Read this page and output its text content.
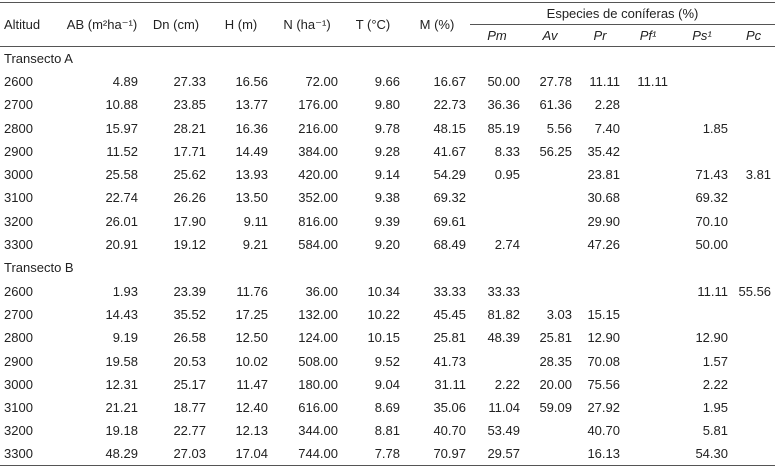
Altitud	AB (m²ha⁻¹)	Dn (cm)	H (m)	N (ha⁻¹)	T (°C)	M (%)	Especies de coníferas (%)					
							Pm	Av	Pr	Pf¹	Ps¹	Pc
Transecto A												
2600	4.89	27.33	16.56	72.00	9.66	16.67	50.00	27.78	11.11	11.11		
2700	10.88	23.85	13.77	176.00	9.80	22.73	36.36	61.36	2.28			
2800	15.97	28.21	16.36	216.00	9.78	48.15	85.19	5.56	7.40		1.85	
2900	11.52	17.71	14.49	384.00	9.28	41.67	8.33	56.25	35.42			
3000	25.58	25.62	13.93	420.00	9.14	54.29	0.95		23.81		71.43	3.81
3100	22.74	26.26	13.50	352.00	9.38	69.32			30.68		69.32	
3200	26.01	17.90	9.11	816.00	9.39	69.61			29.90		70.10	
3300	20.91	19.12	9.21	584.00	9.20	68.49	2.74		47.26		50.00	
Transecto B												
2600	1.93	23.39	11.76	36.00	10.34	33.33	33.33				11.11	55.56
2700	14.43	35.52	17.25	132.00	10.22	45.45	81.82	3.03	15.15			
2800	9.19	26.58	12.50	124.00	10.15	25.81	48.39	25.81	12.90		12.90	
2900	19.58	20.53	10.02	508.00	9.52	41.73		28.35	70.08		1.57	
3000	12.31	25.17	11.47	180.00	9.04	31.11	2.22	20.00	75.56		2.22	
3100	21.21	18.77	12.40	616.00	8.69	35.06	11.04	59.09	27.92		1.95	
3200	19.18	22.77	12.13	344.00	8.81	40.70	53.49		40.70		5.81	
3300	48.29	27.03	17.04	744.00	7.78	70.97	29.57		16.13		54.30	
